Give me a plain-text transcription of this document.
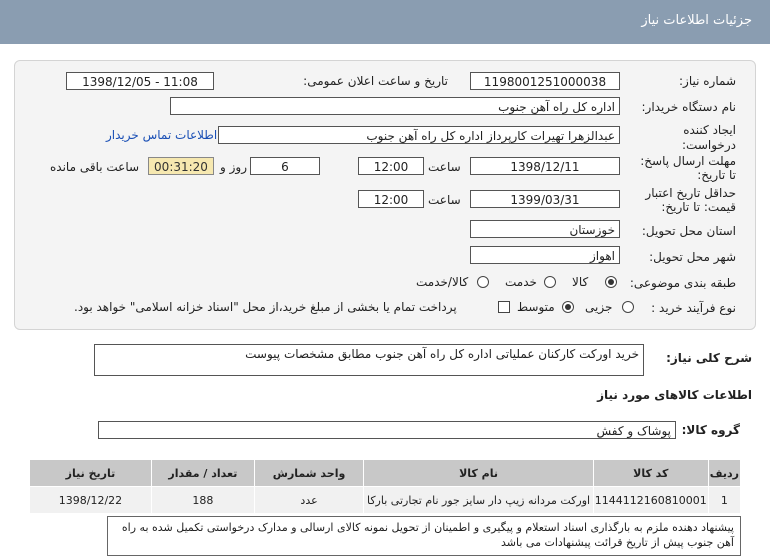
جزئیات اطلاعات نیاز
شماره نیاز:
1198001251000038
تاریخ و ساعت اعلان عمومی:
1398/12/05 - 11:08
نام دستگاه خریدار:
اداره کل راه آهن جنوب
ایجاد کننده
درخواست:
عبدالزهرا تهیرات کارپرداز اداره کل راه آهن جنوب
اطلاعات تماس خریدار
مهلت ارسال پاسخ:
تا تاریخ:
1398/12/11
ساعت
12:00
6
روز و
00:31:20
ساعت باقی مانده
حداقل تاریخ اعتبار
قیمت: تا تاریخ:
1399/03/31
ساعت
12:00
استان محل تحویل:
خوزستان
شهر محل تحویل:
اهواز
طبقه بندی موضوعی:
کالا
خدمت
کالا/خدمت
نوع فرآیند خرید :
جزیی
متوسط
پرداخت تمام یا بخشی از مبلغ خرید،از محل "اسناد خزانه اسلامی" خواهد بود.
شرح کلی نیاز:
خرید اورکت کارکنان عملیاتی اداره کل راه آهن جنوب مطابق مشخصات پیوست
اطلاعات کالاهای مورد نیاز
گروه کالا:
پوشاک و کفش
ردیف	کد کالا	نام کالا	واحد شمارش	تعداد / مقدار	تاریخ نیاز
1	1144112160810001	اورکت مردانه زیپ دار سایز جور نام تجارتی بارکا	عدد	188	1398/12/22
پیشنهاد دهنده ملزم به بارگذاری اسناد استعلام و پیگیری و اطمینان از تحویل نمونه کالای ارسالی و مدارک درخواستی تکمیل شده به راه آهن جنوب پیش از تاریخ قرائت پیشنهادات می باشد
